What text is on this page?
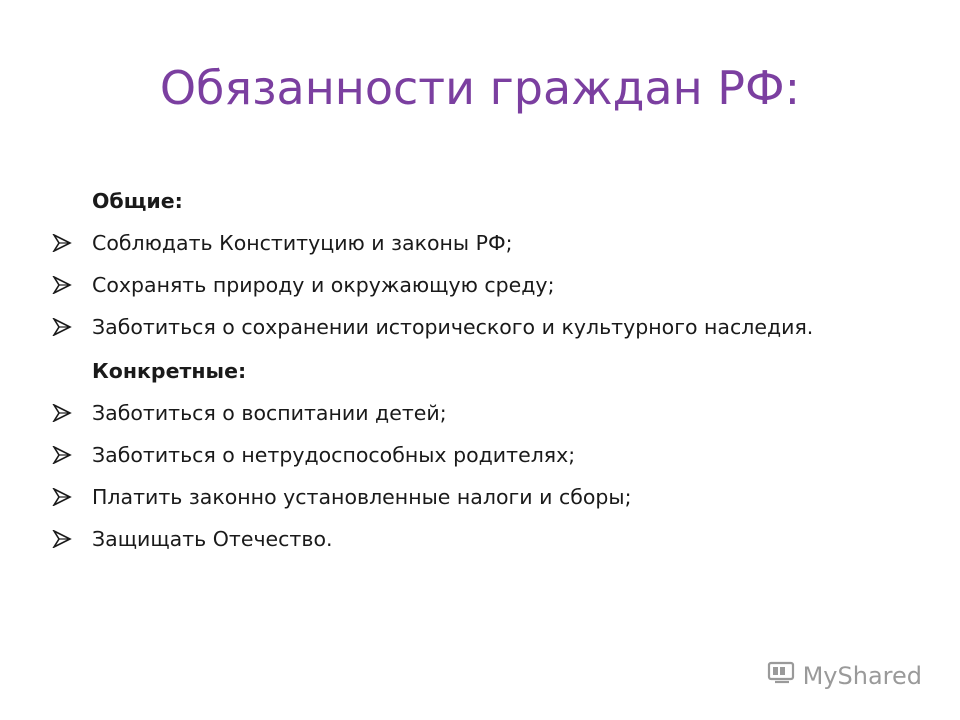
Обязанности граждан РФ:
Общие:
Соблюдать Конституцию и законы РФ;
Сохранять природу и окружающую среду;
Заботиться о сохранении исторического и культурного наследия.
Конкретные:
Заботиться о воспитании детей;
Заботиться о нетрудоспособных родителях;
Платить законно установленные налоги и сборы;
Защищать Отечество.
MyShared
